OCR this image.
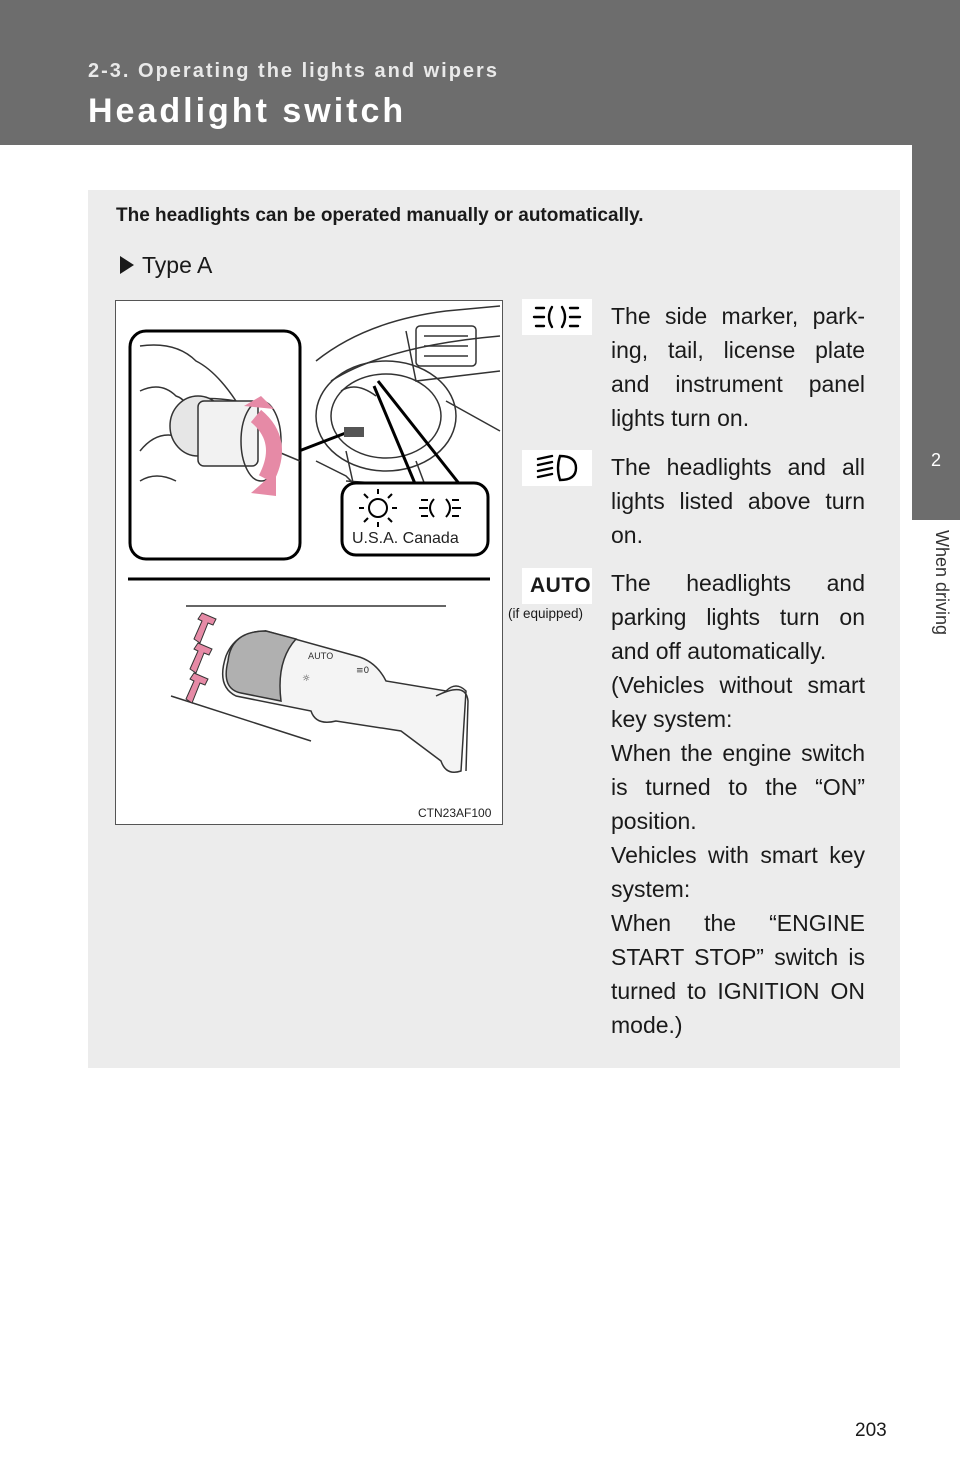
2-3. Operating the lights and wipers
Headlight switch
2
When driving
The headlights can be operated manually or automatically.
Type A
AUTO
☼
≡0
U.S.A. Canada
CTN23AF100
AUTO
(if equipped)

The side marker, park-ing, tail, license plate and instrument panel lights turn on.

The headlights and all lights listed above turn on.

The headlights and parking lights turn on and off automatically.

(Vehicles without smart key system:

When the engine switch is turned to the “ON” position.

Vehicles with smart key system:

When the “ENGINE START STOP” switch is turned to IGNITION ON mode.)

203
